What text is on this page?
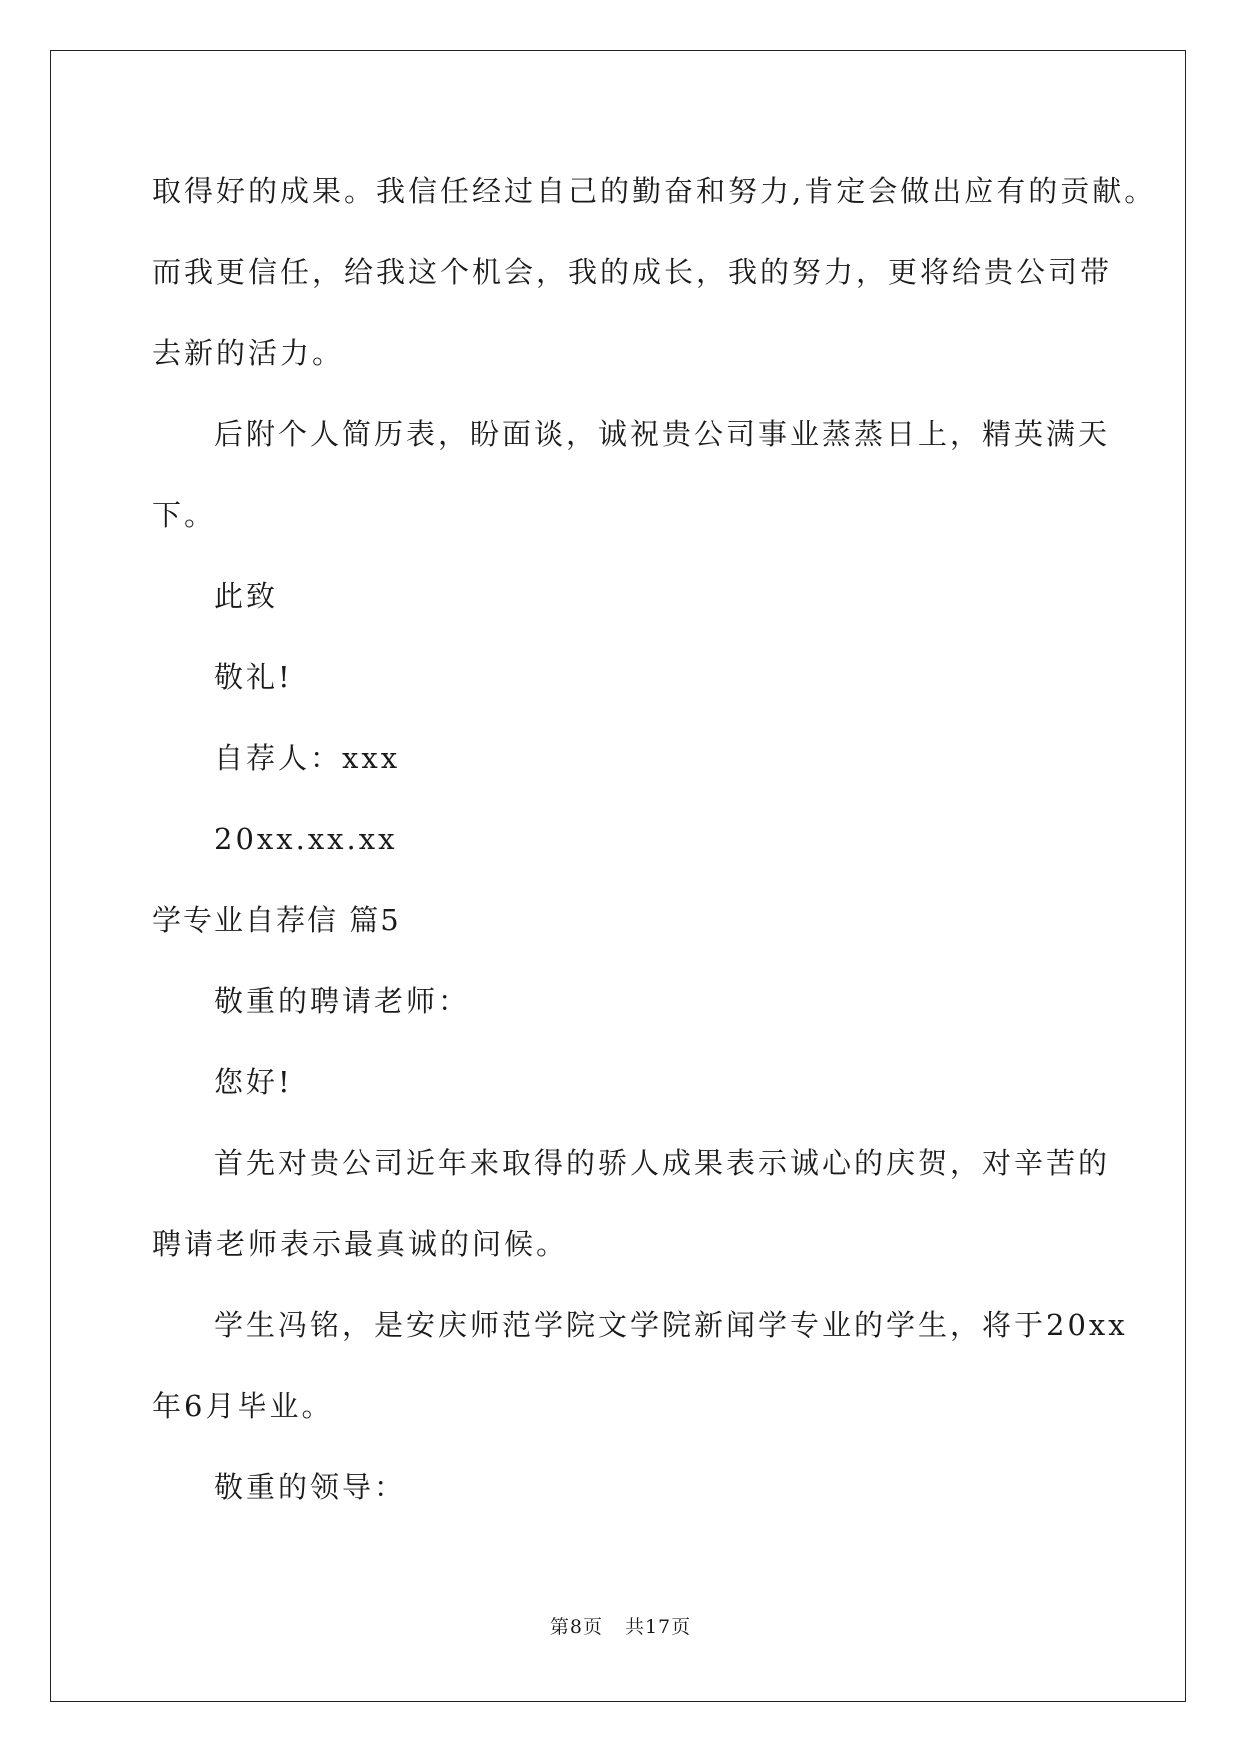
取得好的成果。我信任经过自己的勤奋和努力,肯定会做出应有的贡献。
而我更信任，给我这个机会，我的成长，我的努力，更将给贵公司带
去新的活力。
后附个人简历表，盼面谈，诚祝贵公司事业蒸蒸日上，精英满天
下。
此致
敬礼!
自荐人：xxx
20xx.xx.xx
学专业自荐信 篇5
敬重的聘请老师：
您好!
首先对贵公司近年来取得的骄人成果表示诚心的庆贺，对辛苦的
聘请老师表示最真诚的问候。
学生冯铭，是安庆师范学院文学院新闻学专业的学生，将于20xx
年6月毕业。
敬重的领导：
第8页 共17页
